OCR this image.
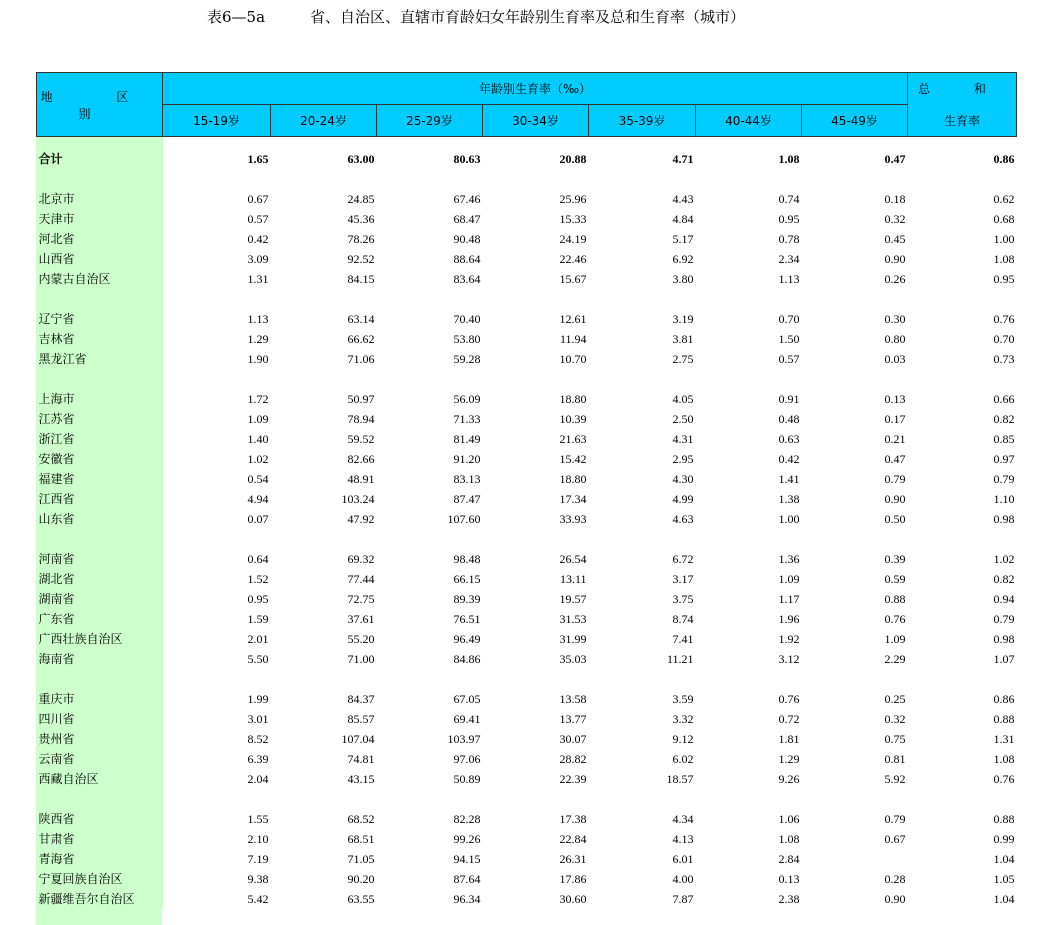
表6—5a	省、自治区、直辖市育龄妇女年龄别生育率及总和生育率（城市）
地 区 别	年龄别生育率（‰）							总 和
	15-19岁	20-24岁	25-29岁	30-34岁	35-39岁	40-44岁	45-49岁	生育率

合计	1.65	63.00	80.63	20.88	4.71	1.08	0.47	0.86

北京市	0.67	24.85	67.46	25.96	4.43	0.74	0.18	0.62
天津市	0.57	45.36	68.47	15.33	4.84	0.95	0.32	0.68
河北省	0.42	78.26	90.48	24.19	5.17	0.78	0.45	1.00
山西省	3.09	92.52	88.64	22.46	6.92	2.34	0.90	1.08
内蒙古自治区	1.31	84.15	83.64	15.67	3.80	1.13	0.26	0.95

辽宁省	1.13	63.14	70.40	12.61	3.19	0.70	0.30	0.76
吉林省	1.29	66.62	53.80	11.94	3.81	1.50	0.80	0.70
黑龙江省	1.90	71.06	59.28	10.70	2.75	0.57	0.03	0.73

上海市	1.72	50.97	56.09	18.80	4.05	0.91	0.13	0.66
江苏省	1.09	78.94	71.33	10.39	2.50	0.48	0.17	0.82
浙江省	1.40	59.52	81.49	21.63	4.31	0.63	0.21	0.85
安徽省	1.02	82.66	91.20	15.42	2.95	0.42	0.47	0.97
福建省	0.54	48.91	83.13	18.80	4.30	1.41	0.79	0.79
江西省	4.94	103.24	87.47	17.34	4.99	1.38	0.90	1.10
山东省	0.07	47.92	107.60	33.93	4.63	1.00	0.50	0.98

河南省	0.64	69.32	98.48	26.54	6.72	1.36	0.39	1.02
湖北省	1.52	77.44	66.15	13.11	3.17	1.09	0.59	0.82
湖南省	0.95	72.75	89.39	19.57	3.75	1.17	0.88	0.94
广东省	1.59	37.61	76.51	31.53	8.74	1.96	0.76	0.79
广西壮族自治区	2.01	55.20	96.49	31.99	7.41	1.92	1.09	0.98
海南省	5.50	71.00	84.86	35.03	11.21	3.12	2.29	1.07

重庆市	1.99	84.37	67.05	13.58	3.59	0.76	0.25	0.86
四川省	3.01	85.57	69.41	13.77	3.32	0.72	0.32	0.88
贵州省	8.52	107.04	103.97	30.07	9.12	1.81	0.75	1.31
云南省	6.39	74.81	97.06	28.82	6.02	1.29	0.81	1.08
西藏自治区	2.04	43.15	50.89	22.39	18.57	9.26	5.92	0.76

陕西省	1.55	68.52	82.28	17.38	4.34	1.06	0.79	0.88
甘肃省	2.10	68.51	99.26	22.84	4.13	1.08	0.67	0.99
青海省	7.19	71.05	94.15	26.31	6.01	2.84		1.04
宁夏回族自治区	9.38	90.20	87.64	17.86	4.00	0.13	0.28	1.05
新疆维吾尔自治区	5.42	63.55	96.34	30.60	7.87	2.38	0.90	1.04
